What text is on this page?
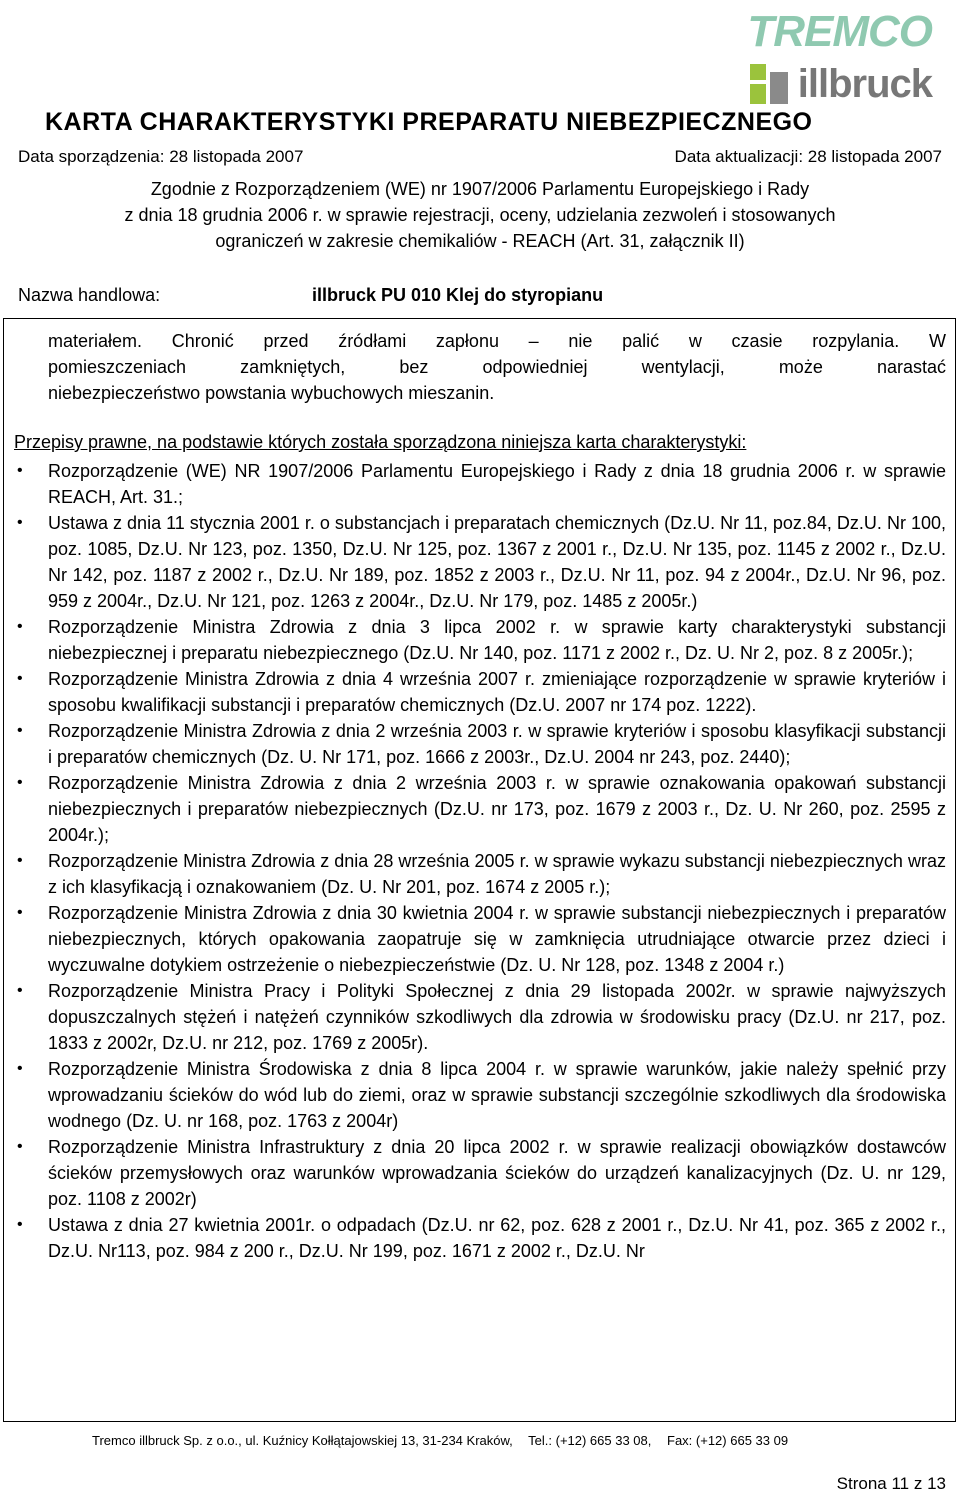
TREMCO
illbruck
KARTA CHARAKTERYSTYKI PREPARATU NIEBEZPIECZNEGO
Data sporządzenia: 28 listopada 2007	Data aktualizacji: 28 listopada 2007
Zgodnie z Rozporządzeniem (WE) nr 1907/2006 Parlamentu Europejskiego i Rady
z dnia 18 grudnia 2006 r. w sprawie rejestracji, oceny, udzielania zezwoleń i stosowanych
ograniczeń w zakresie chemikaliów - REACH (Art. 31, załącznik II)
Nazwa handlowa:	illbruck PU 010 Klej do styropianu
materiałem. Chronić przed źródłami zapłonu – nie palić w czasie rozpylania. W
pomieszczeniach zamkniętych, bez odpowiedniej wentylacji, może narastać
niebezpieczeństwo powstania wybuchowych mieszanin.
Przepisy prawne, na podstawie których została sporządzona niniejsza karta charakterystyki:
• Rozporządzenie (WE) NR 1907/2006 Parlamentu Europejskiego i Rady z dnia 18 grudnia 2006 r. w sprawie REACH, Art. 31.;
• Ustawa z dnia 11 stycznia 2001 r. o substancjach i preparatach chemicznych (Dz.U. Nr 11, poz.84, Dz.U. Nr 100, poz. 1085, Dz.U. Nr 123, poz. 1350, Dz.U. Nr 125, poz. 1367 z 2001 r., Dz.U. Nr 135, poz. 1145 z 2002 r., Dz.U. Nr 142, poz. 1187 z 2002 r., Dz.U. Nr 189, poz. 1852 z 2003 r., Dz.U. Nr 11, poz. 94 z 2004r., Dz.U. Nr 96, poz. 959 z 2004r., Dz.U. Nr 121, poz. 1263 z 2004r., Dz.U. Nr 179, poz. 1485 z 2005r.)
• Rozporządzenie Ministra Zdrowia z dnia 3 lipca 2002 r. w sprawie karty charakterystyki substancji niebezpiecznej i preparatu niebezpiecznego (Dz.U. Nr 140, poz. 1171 z 2002 r., Dz. U. Nr 2, poz. 8 z 2005r.);
• Rozporządzenie Ministra Zdrowia z dnia 4 września 2007 r. zmieniające rozporządzenie w sprawie kryteriów i sposobu kwalifikacji substancji i preparatów chemicznych (Dz.U. 2007 nr 174 poz. 1222).
• Rozporządzenie Ministra Zdrowia z dnia 2 września 2003 r. w sprawie kryteriów i sposobu klasyfikacji substancji i preparatów chemicznych (Dz. U. Nr 171, poz. 1666 z 2003r., Dz.U. 2004 nr 243, poz. 2440);
• Rozporządzenie Ministra Zdrowia z dnia 2 września 2003 r. w sprawie oznakowania opakowań substancji niebezpiecznych i preparatów niebezpiecznych (Dz.U. nr 173, poz. 1679 z 2003 r., Dz. U. Nr 260, poz. 2595 z 2004r.);
• Rozporządzenie Ministra Zdrowia z dnia 28 września 2005 r. w sprawie wykazu substancji niebezpiecznych wraz z ich klasyfikacją i oznakowaniem (Dz. U. Nr 201, poz. 1674 z 2005 r.);
• Rozporządzenie Ministra Zdrowia z dnia 30 kwietnia 2004 r. w sprawie substancji niebezpiecznych i preparatów niebezpiecznych, których opakowania zaopatruje się w zamknięcia utrudniające otwarcie przez dzieci i wyczuwalne dotykiem ostrzeżenie o niebezpieczeństwie (Dz. U. Nr 128, poz. 1348 z 2004 r.)
• Rozporządzenie Ministra Pracy i Polityki Społecznej z dnia 29 listopada 2002r. w sprawie najwyższych dopuszczalnych stężeń i natężeń czynników szkodliwych dla zdrowia w środowisku pracy (Dz.U. nr 217, poz. 1833 z 2002r, Dz.U. nr 212, poz. 1769 z 2005r).
• Rozporządzenie Ministra Środowiska z dnia 8 lipca 2004 r. w sprawie warunków, jakie należy spełnić przy wprowadzaniu ścieków do wód lub do ziemi, oraz w sprawie substancji szczególnie szkodliwych dla środowiska wodnego (Dz. U. nr 168, poz. 1763 z 2004r)
• Rozporządzenie Ministra Infrastruktury z dnia 20 lipca 2002 r. w sprawie realizacji obowiązków dostawców ścieków przemysłowych oraz warunków wprowadzania ścieków do urządzeń kanalizacyjnych (Dz. U. nr 129, poz. 1108 z 2002r)
• Ustawa z dnia 27 kwietnia 2001r. o odpadach (Dz.U. nr 62, poz. 628 z 2001 r., Dz.U. Nr 41, poz. 365 z 2002 r., Dz.U. Nr113, poz. 984 z 200 r., Dz.U. Nr 199, poz. 1671 z 2002 r., Dz.U. Nr
Tremco illbruck Sp. z o.o., ul. Kuźnicy Kołłątajowskiej 13, 31-234 Kraków, Tel.: (+12) 665 33 08, Fax: (+12) 665 33 09
Strona 11 z 13
